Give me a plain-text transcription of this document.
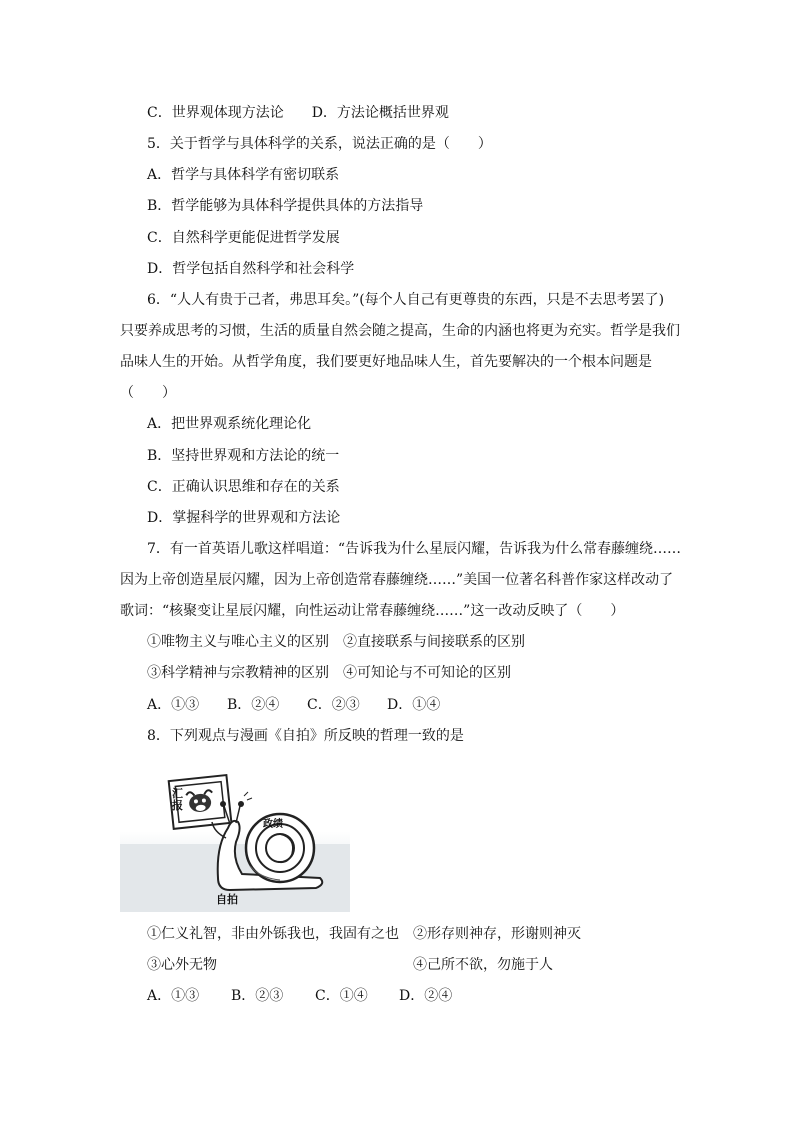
C．世界观体现方法论　　D．方法论概括世界观
5．关于哲学与具体科学的关系，说法正确的是（　　）
A．哲学与具体科学有密切联系
B．哲学能够为具体科学提供具体的方法指导
C．自然科学更能促进哲学发展
D．哲学包括自然科学和社会科学
6．“人人有贵于己者，弗思耳矣。”(每个人自己有更尊贵的东西，只是不去思考罢了)
只要养成思考的习惯，生活的质量自然会随之提高，生命的内涵也将更为充实。哲学是我们
品味人生的开始。从哲学角度，我们要更好地品味人生，首先要解决的一个根本问题是
（　　）
A．把世界观系统化理论化
B．坚持世界观和方法论的统一
C．正确认识思维和存在的关系
D．掌握科学的世界观和方法论
7．有一首英语儿歌这样唱道：“告诉我为什么星辰闪耀，告诉我为什么常春藤缠绕……
因为上帝创造星辰闪耀，因为上帝创造常春藤缠绕……”美国一位著名科普作家这样改动了
歌词：“核聚变让星辰闪耀，向性运动让常春藤缠绕……”这一改动反映了（　　）
①唯物主义与唯心主义的区别　②直接联系与间接联系的区别
③科学精神与宗教精神的区别　④可知论与不可知论的区别
A．①③ B．②④ C．②③ D．①④
8．下列观点与漫画《自拍》所反映的哲理一致的是
汇报
政绩
自拍
①仁义礼智，非由外铄我也，我固有之也　②形存则神存，形谢则神灭
③心外无物	④己所不欲，勿施于人
A．①③ B．②③ C．①④ D．②④
